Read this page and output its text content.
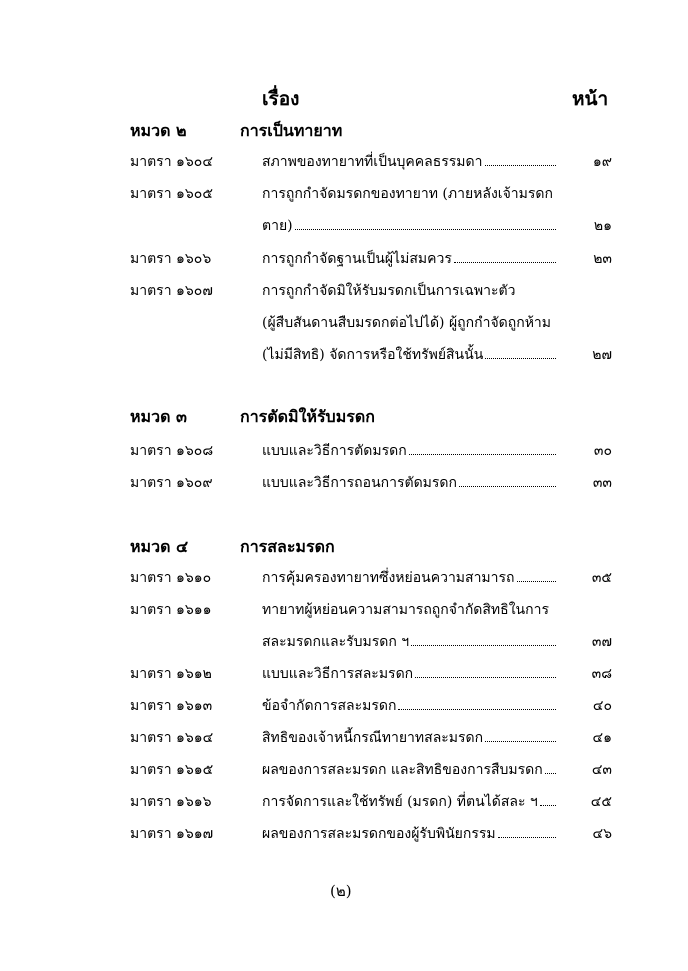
เรื่อง	หน้า
หมวด ๒	การเป็นทายาท
มาตรา ๑๖๐๔	สภาพของทายาทที่เป็นบุคคลธรรมดา	๑๙
มาตรา ๑๖๐๕	การถูกกำจัดมรดกของทายาท (ภายหลังเจ้ามรดก
ตาย)	๒๑
มาตรา ๑๖๐๖	การถูกกำจัดฐานเป็นผู้ไม่สมควร	๒๓
มาตรา ๑๖๐๗	การถูกกำจัดมิให้รับมรดกเป็นการเฉพาะตัว
(ผู้สืบสันดานสืบมรดกต่อไปได้) ผู้ถูกกำจัดถูกห้าม
(ไม่มีสิทธิ) จัดการหรือใช้ทรัพย์สินนั้น	๒๗
หมวด ๓	การตัดมิให้รับมรดก
มาตรา ๑๖๐๘	แบบและวิธีการตัดมรดก	๓๐
มาตรา ๑๖๐๙	แบบและวิธีการถอนการตัดมรดก	๓๓
หมวด ๔	การสละมรดก
มาตรา ๑๖๑๐	การคุ้มครองทายาทซึ่งหย่อนความสามารถ	๓๕
มาตรา ๑๖๑๑	ทายาทผู้หย่อนความสามารถถูกจำกัดสิทธิในการ
สละมรดกและรับมรดก ฯ	๓๗
มาตรา ๑๖๑๒	แบบและวิธีการสละมรดก	๓๘
มาตรา ๑๖๑๓	ข้อจำกัดการสละมรดก	๔๐
มาตรา ๑๖๑๔	สิทธิของเจ้าหนี้กรณีทายาทสละมรดก	๔๑
มาตรา ๑๖๑๕	ผลของการสละมรดก และสิทธิของการสืบมรดก	๔๓
มาตรา ๑๖๑๖	การจัดการและใช้ทรัพย์ (มรดก) ที่ตนได้สละ ฯ	๔๕
มาตรา ๑๖๑๗	ผลของการสละมรดกของผู้รับพินัยกรรม	๔๖
(๒)
